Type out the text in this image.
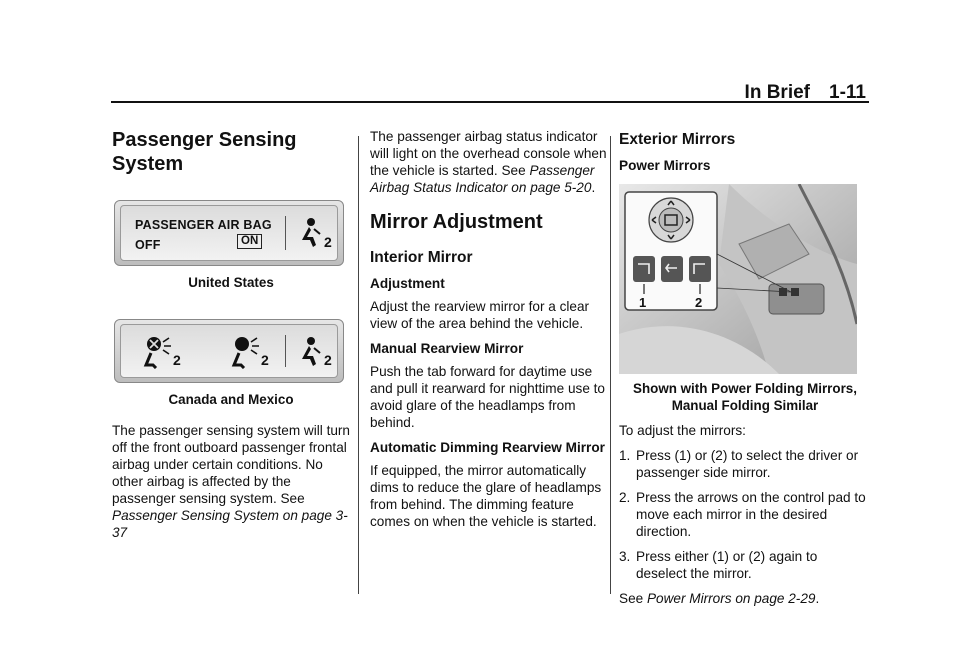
In Brief 1-11
Passenger Sensing System
PASSENGER AIR BAG
OFF	ON	2
United States
2	2	2
Canada and Mexico

The passenger sensing system will turn off the front outboard passenger frontal airbag under certain conditions. No other airbag is affected by the passenger sensing system. See Passenger Sensing System on page 3-37

The passenger airbag status indicator will light on the overhead console when the vehicle is started. See Passenger Airbag Status Indicator on page 5-20.

Mirror Adjustment
Interior Mirror
Adjustment

Adjust the rearview mirror for a clear view of the area behind the vehicle.

Manual Rearview Mirror

Push the tab forward for daytime use and pull it rearward for nighttime use to avoid glare of the headlamps from behind.

Automatic Dimming Rearview Mirror

If equipped, the mirror automatically dims to reduce the glare of headlamps from behind. The dimming feature comes on when the vehicle is started.

Exterior Mirrors
Power Mirrors
1	2
Shown with Power Folding Mirrors, Manual Folding Similar

To adjust the mirrors:

1. Press (1) or (2) to select the driver or passenger side mirror.
2. Press the arrows on the control pad to move each mirror in the desired direction.
3. Press either (1) or (2) again to deselect the mirror.

See Power Mirrors on page 2-29.
